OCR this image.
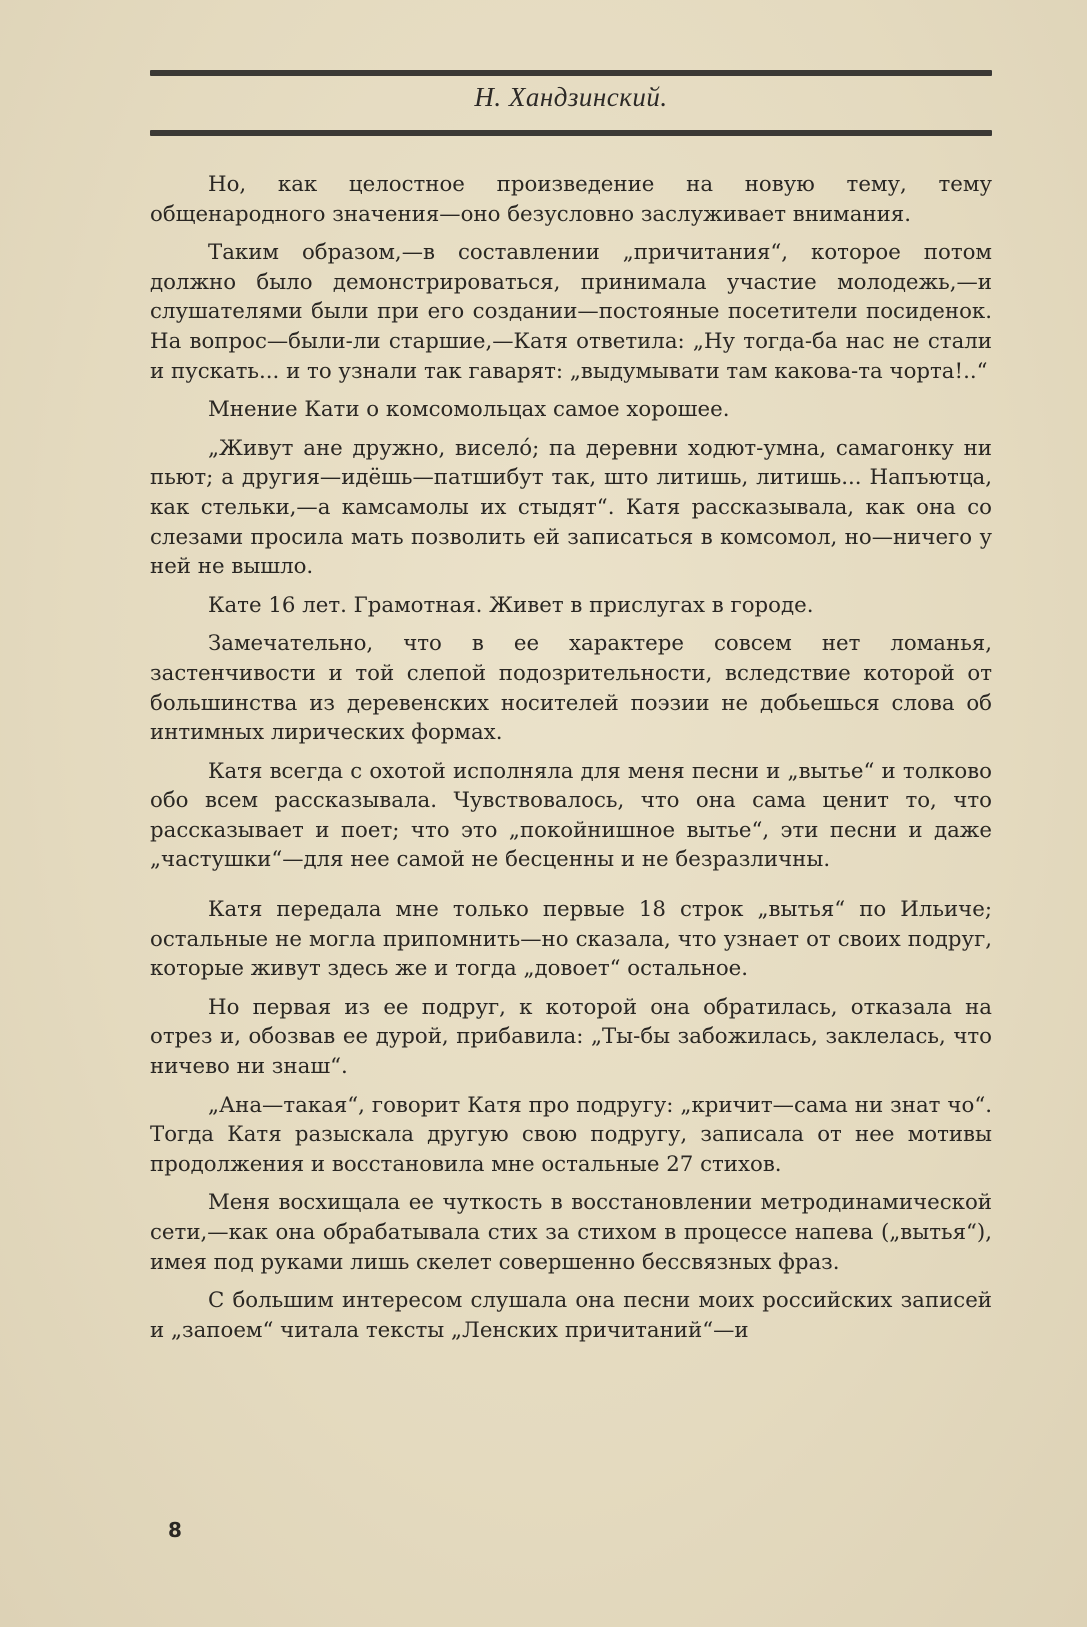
Н. Хандзинский.

Но, как целостное произведение на новую тему, тему общенародного значения—оно безусловно заслуживает внимания.

Таким образом,—в составлении „причитания“, которое потом должно было демонстрироваться, принимала участие молодежь,—и слушателями были при его создании—постояные посетители посиденок. На вопрос—были-ли старшие,—Катя ответила: „Ну тогда-ба нас не стали и пускать... и то узнали так гаварят: „выдумывати там какова-та чорта!..“

Мнение Кати о комсомольцах самое хорошее.

„Живут ане дружно, виселó; па деревни ходют-умна, самагонку ни пьют; а другия—идёшь—патшибут так, што литишь, литишь... Напъютца, как стельки,—а камсамолы их стыдят“. Катя рассказывала, как она со слезами просила мать позволить ей записаться в комсомол, но—ничего у ней не вышло.

Кате 16 лет. Грамотная. Живет в прислугах в городе.

Замечательно, что в ее характере совсем нет ломанья, застенчивости и той слепой подозрительности, вследствие которой от большинства из деревенских носителей поэзии не добьешься слова об интимных лирических формах.

Катя всегда с охотой исполняла для меня песни и „вытье“ и толково обо всем рассказывала. Чувствовалось, что она сама ценит то, что рассказывает и поет; что это „покойнишное вытье“, эти песни и даже „частушки“—для нее самой не бесценны и не безразличны.

Катя передала мне только первые 18 строк „вытья“ по Ильиче; остальные не могла припомнить—но сказала, что узнает от своих подруг, которые живут здесь же и тогда „довоет“ остальное.

Но первая из ее подруг, к которой она обратилась, отказала на отрез и, обозвав ее дурой, прибавила: „Ты-бы забожилась, заклелась, что ничево ни знаш“.

„Ана—такая“, говорит Катя про подругу: „кричит—сама ни знат чо“. Тогда Катя разыскала другую свою подругу, записала от нее мотивы продолжения и восстановила мне остальные 27 стихов.

Меня восхищала ее чуткость в восстановлении метродинамической сети,—как она обрабатывала стих за стихом в процессе напева („вытья“), имея под руками лишь скелет совершенно бессвязных фраз.

С большим интересом слушала она песни моих российских записей и „запоем“ читала тексты „Ленских причитаний“—и

8
